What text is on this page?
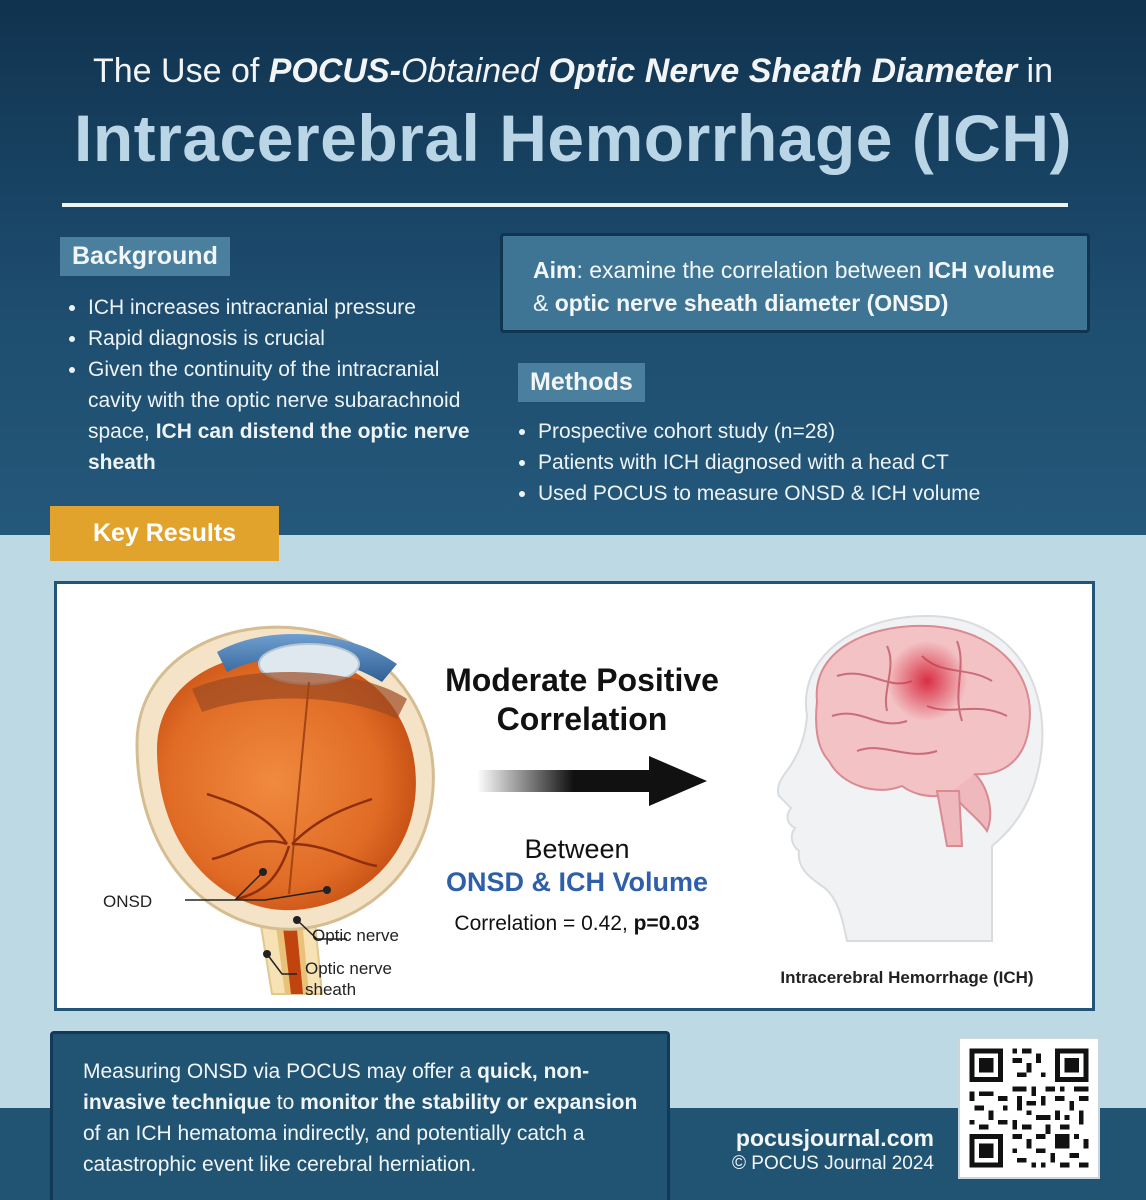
The Use of POCUS-Obtained Optic Nerve Sheath Diameter in
Intracerebral Hemorrhage (ICH)
Background
• ICH increases intracranial pressure
• Rapid diagnosis is crucial
• Given the continuity of the intracranial cavity with the optic nerve subarachnoid space, ICH can distend the optic nerve sheath
Aim: examine the correlation between ICH volume & optic nerve sheath diameter (ONSD)
Methods
• Prospective cohort study (n=28)
• Patients with ICH diagnosed with a head CT
• Used POCUS to measure ONSD & ICH volume
Key Results
ONSD
Optic nerve
Optic nerve
sheath
Moderate Positive
Correlation
Between
ONSD & ICH Volume
Correlation = 0.42, p=0.03
Intracerebral Hemorrhage (ICH)
Measuring ONSD via POCUS may offer a quick, non-invasive technique to monitor the stability or expansion of an ICH hematoma indirectly, and potentially catch a catastrophic event like cerebral herniation.
pocusjournal.com
© POCUS Journal 2024
